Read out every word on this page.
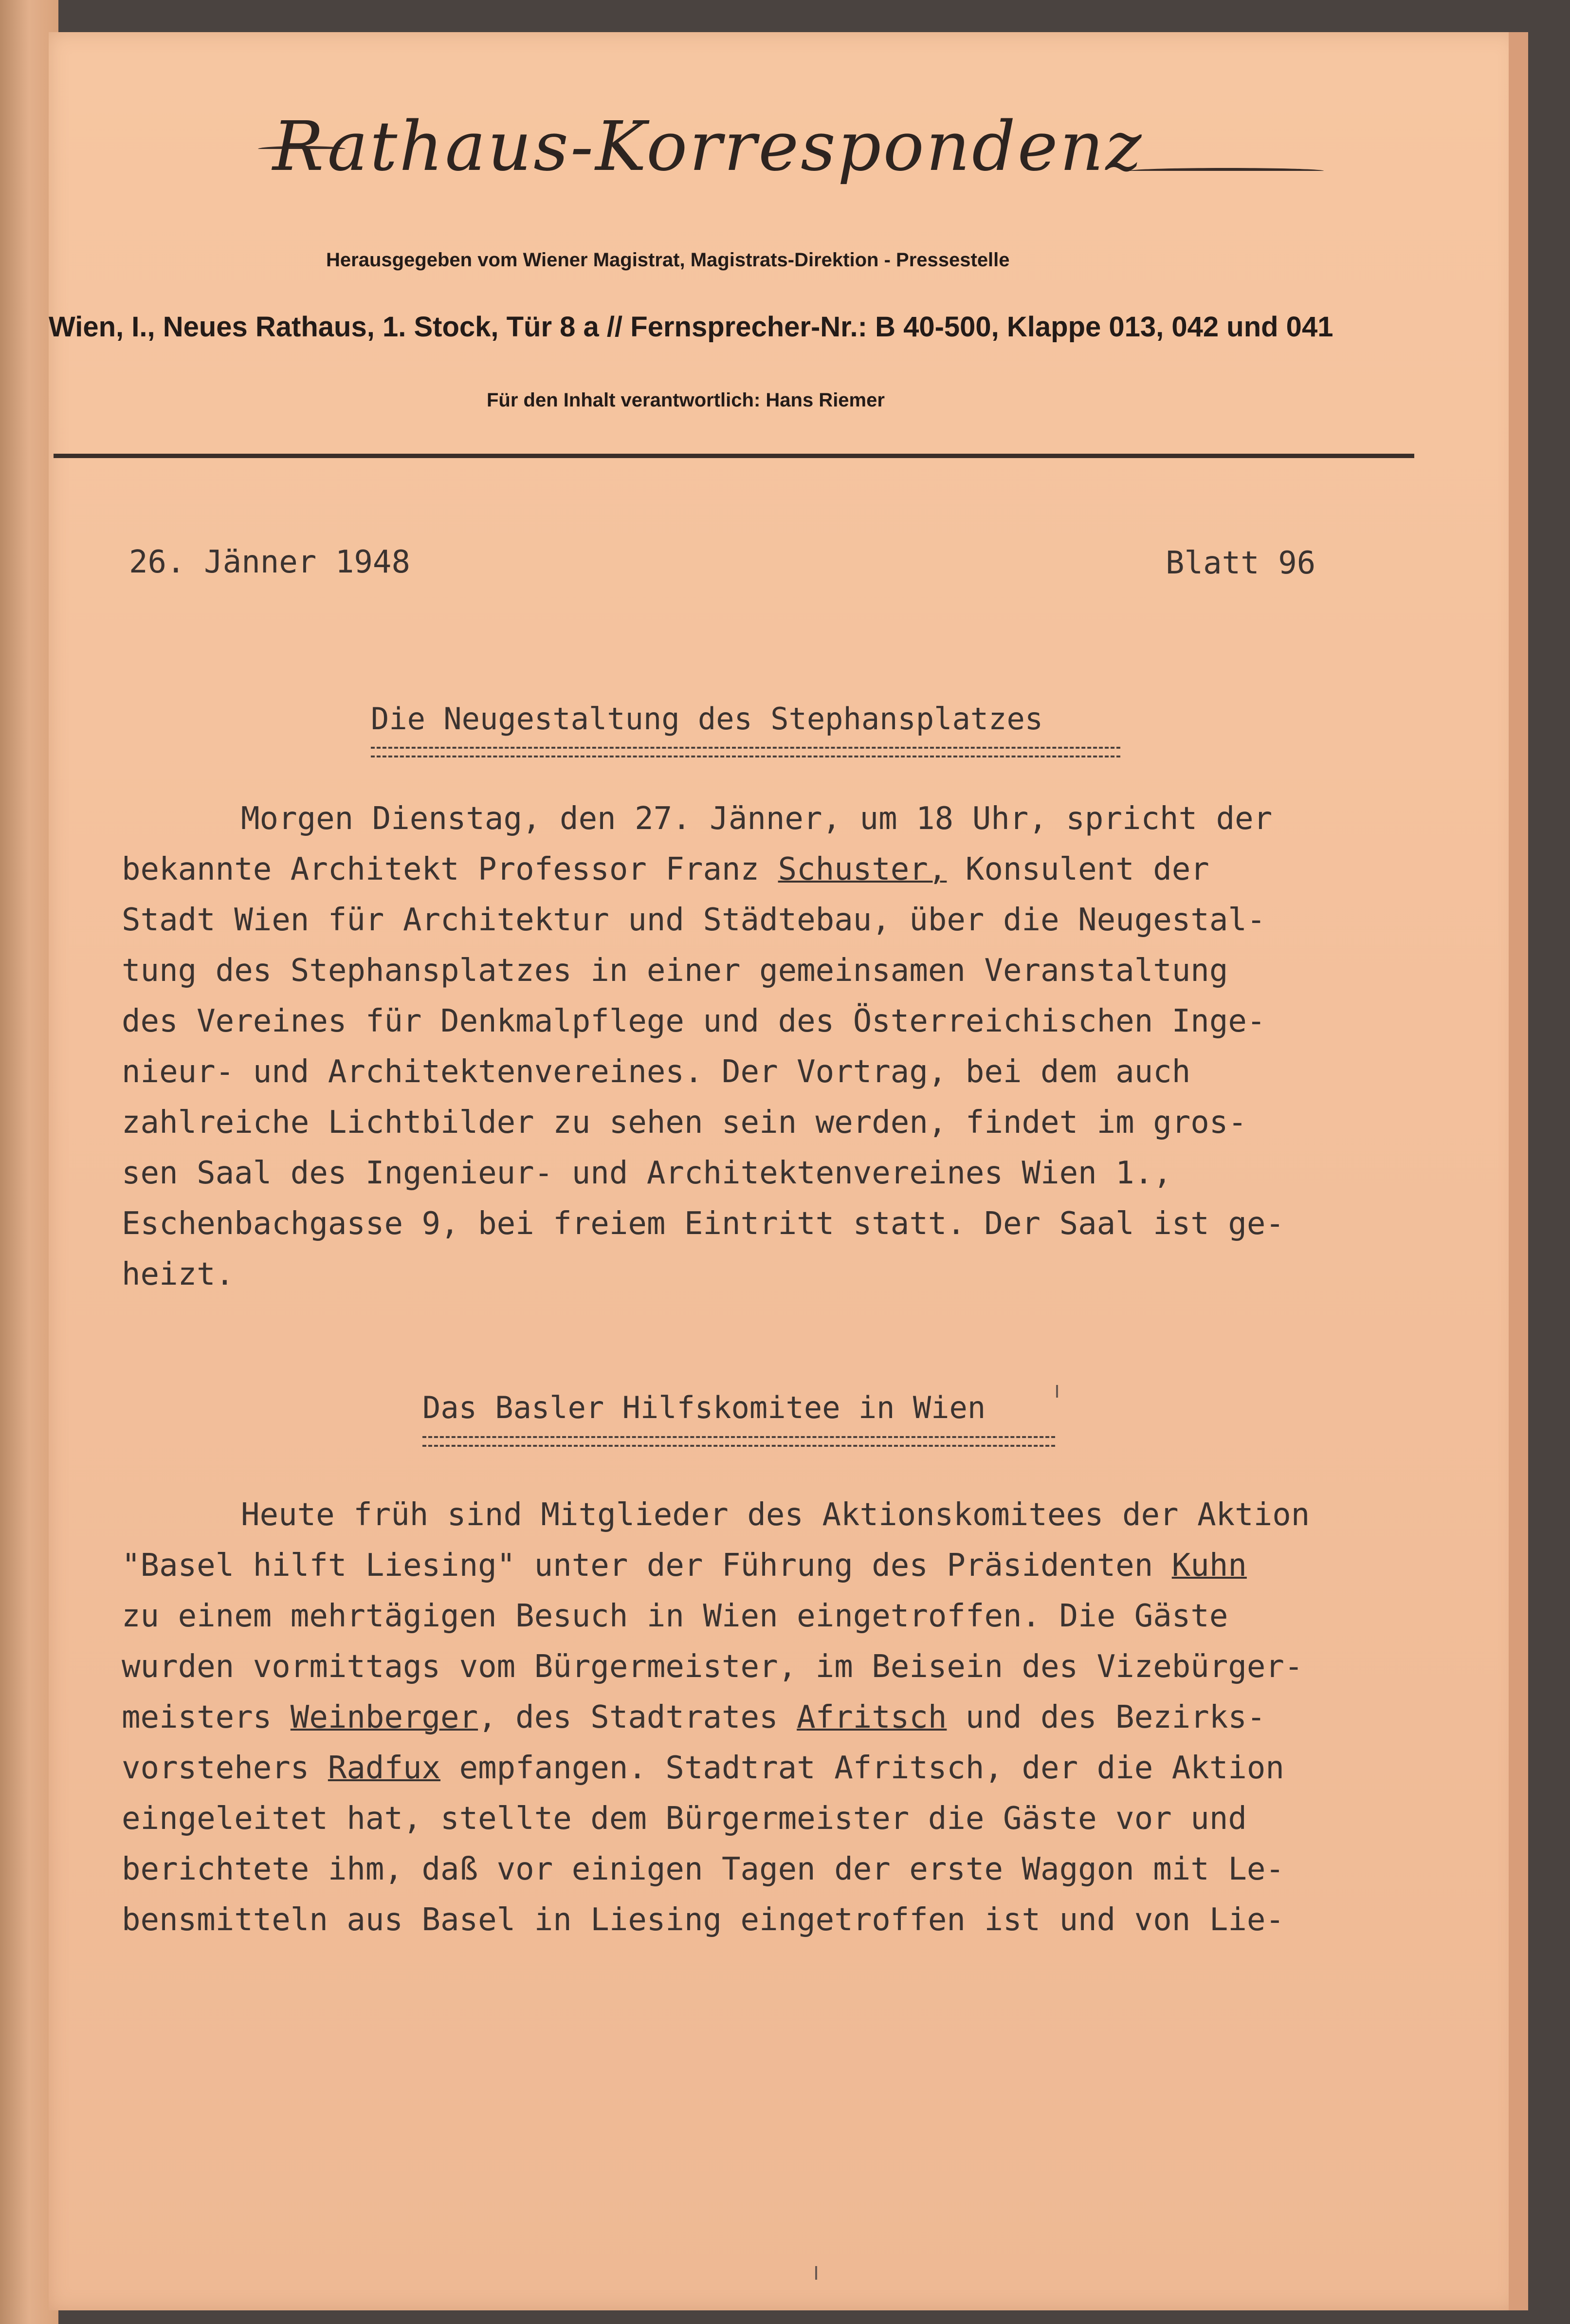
Rathaus-Korrespondenz
Herausgegeben vom Wiener Magistrat, Magistrats-Direktion - Pressestelle
Wien, I., Neues Rathaus, 1. Stock, Tür 8 a // Fernsprecher-Nr.: B 40-500, Klappe 013, 042 und 041
Für den Inhalt verantwortlich: Hans Riemer
26. Jänner 1948	Blatt 96
Die Neugestaltung des Stephansplatzes
Morgen Dienstag, den 27. Jänner, um 18 Uhr, spricht der
bekannte Architekt Professor Franz Schuster, Konsulent der
Stadt Wien für Architektur und Städtebau, über die Neugestal-
tung des Stephansplatzes in einer gemeinsamen Veranstaltung
des Vereines für Denkmalpflege und des Österreichischen Inge-
nieur- und Architektenvereines. Der Vortrag, bei dem auch
zahlreiche Lichtbilder zu sehen sein werden, findet im gros-
sen Saal des Ingenieur- und Architektenvereines Wien 1.,
Eschenbachgasse 9, bei freiem Eintritt statt. Der Saal ist ge-
heizt.
Das Basler Hilfskomitee in Wien
Heute früh sind Mitglieder des Aktionskomitees der Aktion
"Basel hilft Liesing" unter der Führung des Präsidenten Kuhn
zu einem mehrtägigen Besuch in Wien eingetroffen. Die Gäste
wurden vormittags vom Bürgermeister, im Beisein des Vizebürger-
meisters Weinberger, des Stadtrates Afritsch und des Bezirks-
vorstehers Radfux empfangen. Stadtrat Afritsch, der die Aktion
eingeleitet hat, stellte dem Bürgermeister die Gäste vor und
berichtete ihm, daß vor einigen Tagen der erste Waggon mit Le-
bensmitteln aus Basel in Liesing eingetroffen ist und von Lie-
